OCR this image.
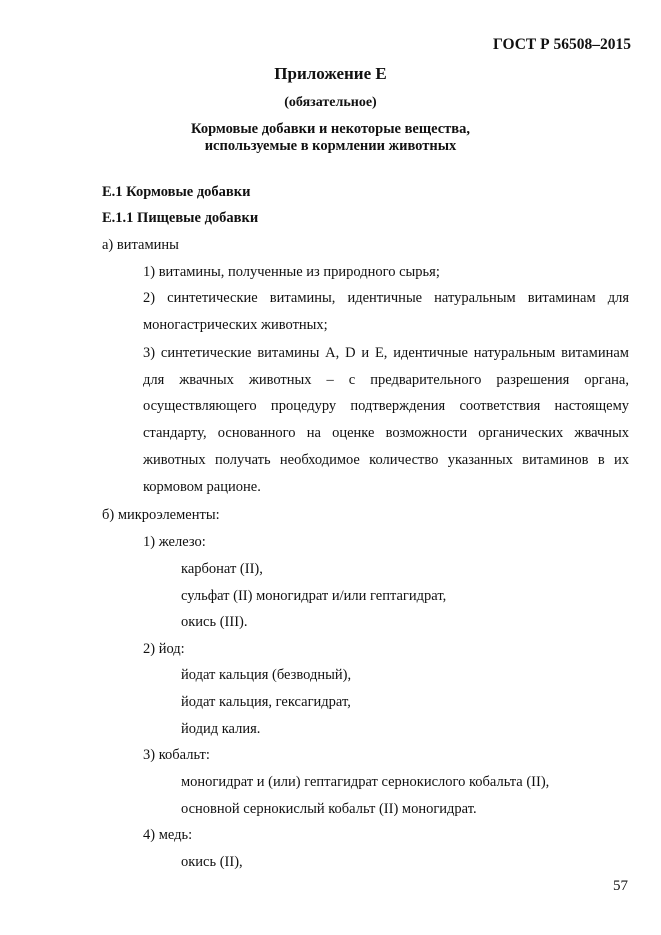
ГОСТ Р 56508–2015
Приложение Е
(обязательное)
Кормовые добавки и некоторые вещества,
используемые в кормлении животных
Е.1 Кормовые добавки
Е.1.1 Пищевые добавки
а) витамины
1) витамины, полученные из природного сырья;
2) синтетические витамины, идентичные натуральным витаминам для моногастрических животных;
3) синтетические витамины А, D и Е, идентичные натуральным витаминам для жвачных животных – с предварительного разрешения органа, осуществляющего процедуру подтверждения соответствия настоящему стандарту, основанного на оценке возможности органических жвачных животных получать необходимое количество указанных витаминов в их кормовом рационе.
б) микроэлементы:
1) железо:
карбонат (II),
сульфат (II) моногидрат и/или гептагидрат,
окись (III).
2) йод:
йодат кальция (безводный),
йодат кальция, гексагидрат,
йодид калия.
3) кобальт:
моногидрат и (или) гептагидрат сернокислого кобальта (II),
основной сернокислый кобальт (II) моногидрат.
4) медь:
окись (II),
57
